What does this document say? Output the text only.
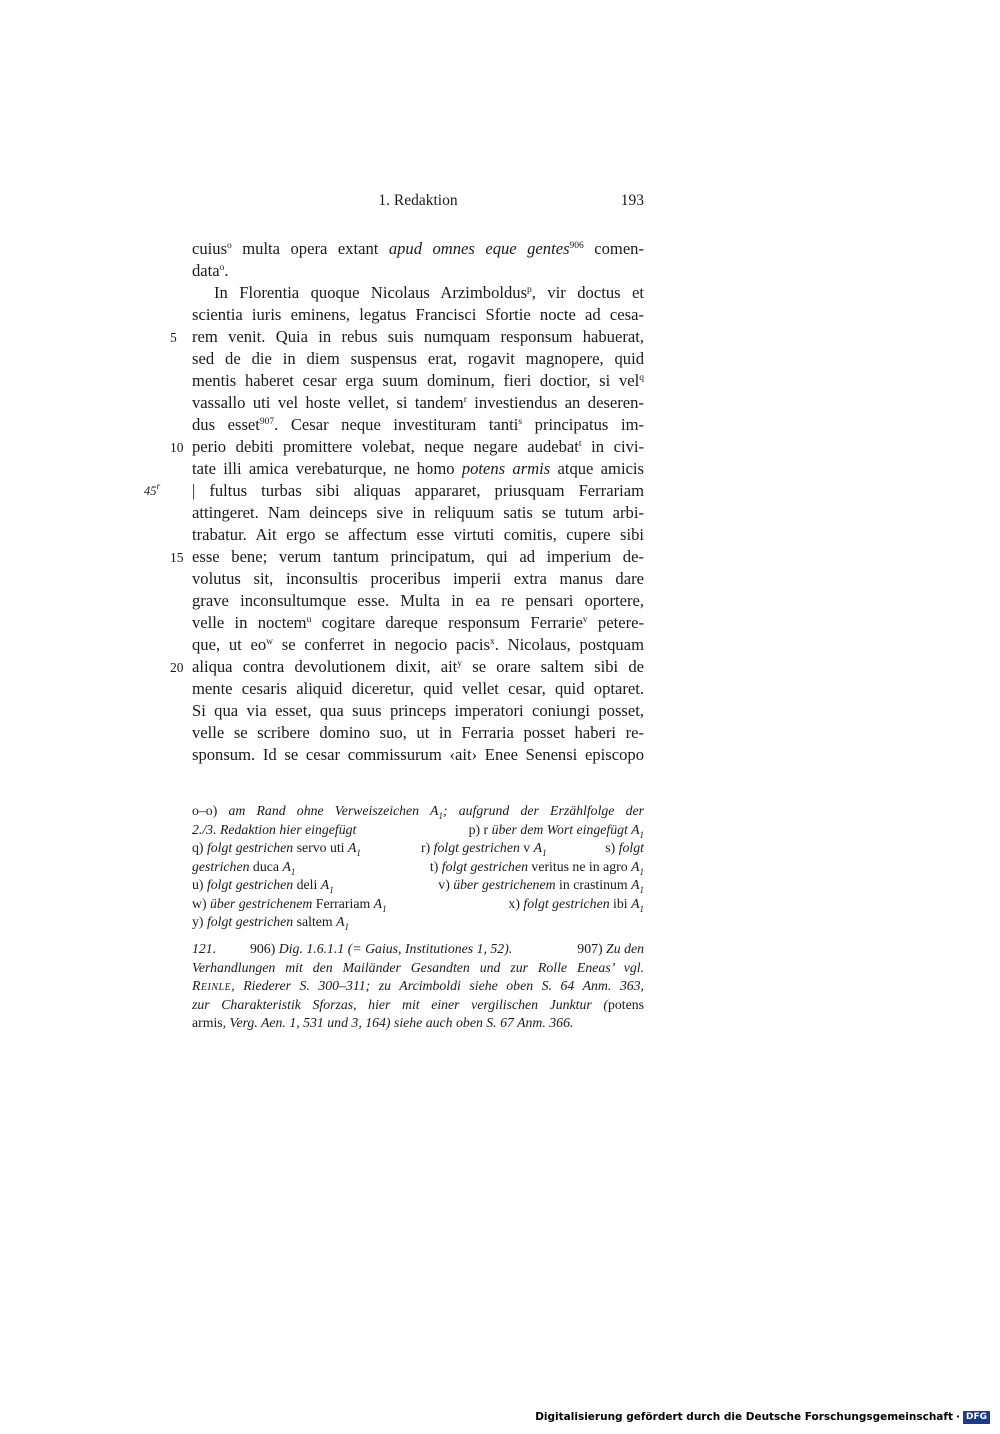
1. Redaktion	193
cuius$^o$ multa opera extant apud omnes eque gentes$^{906}$ comen-
data$^o$.
In Florentia quoque Nicolaus Arzimboldus$^p$, vir doctus et
scientia iuris eminens, legatus Francisci Sfortie nocte ad cesa-
5 rem venit. Quia in rebus suis numquam responsum habuerat,
sed de die in diem suspensus erat, rogavit magnopere, quid
mentis haberet cesar erga suum dominum, fieri doctior, si vel$^q$
vassallo uti vel hoste vellet, si tandem$^r$ investiendus an deseren-
dus esset$^{907}$. Cesar neque investituram tanti$^s$ principatus im-
10 perio debiti promittere volebat, neque negare audebat$^t$ in civi-
tate illi amica verebaturque, ne homo potens armis atque amicis
45$^r$ | fultus turbas sibi aliquas appararet, priusquam Ferrariam
attingeret. Nam deinceps sive in reliquum satis se tutum arbi-
trabatur. Ait ergo se affectum esse virtuti comitis, cupere sibi
15 esse bene; verum tantum principatum, qui ad imperium de-
volutus sit, inconsultis proceribus imperii extra manus dare
grave inconsultumque esse. Multa in ea re pensari oportere,
velle in noctem$^u$ cogitare dareque responsum Ferrarie$^v$ petere-
que, ut $eo^w$ se conferret in negocio pacis$^x$. Nicolaus, postquam
20 aliqua contra devolutionem dixit, ait$^y$ se orare saltem sibi de
mente cesaris aliquid diceretur, quid vellet cesar, quid optaret.
Si qua via esset, qua suus princeps imperatori coniungi posset,
velle se scribere domino suo, ut in Ferraria posset haberi re-
sponsum. Id se cesar commissurum ‹ait› Enee Senensi episcopo
o–o) am Rand ohne Verweiszeichen $A_1$; aufgrund der Erzählfolge der
2./3. Redaktion hier eingefügt	p) r über dem Wort eingefügt $A_1$
q) folgt gestrichen servo uti $A_1$	r) folgt gestrichen v $A_1$	s) folgt
gestrichen duca $A_1$	t) folgt gestrichen veritus ne in agro $A_1$
u) folgt gestrichen deli $A_1$	v) über gestrichenem in crastinum $A_1$
w) über gestrichenem Ferrariam $A_1$	x) folgt gestrichen ibi $A_1$
y) folgt gestrichen saltem $A_1$
121. 906) Dig. 1.6.1.1 (= Gaius, Institutiones 1, 52).	907) Zu den
Verhandlungen mit den Mailänder Gesandten und zur Rolle Eneas’ vgl.
Reinle, Riederer S. 300–311; zu Arcimboldi siehe oben S. 64 Anm. 363,
zur Charakteristik Sforzas, hier mit einer vergilischen Junktur (potens
armis, Verg. Aen. 1, 531 und 3, 164) siehe auch oben S. 67 Anm. 366.
Digitalisierung gefördert durch die Deutsche Forschungsgemeinschaft · DFG
